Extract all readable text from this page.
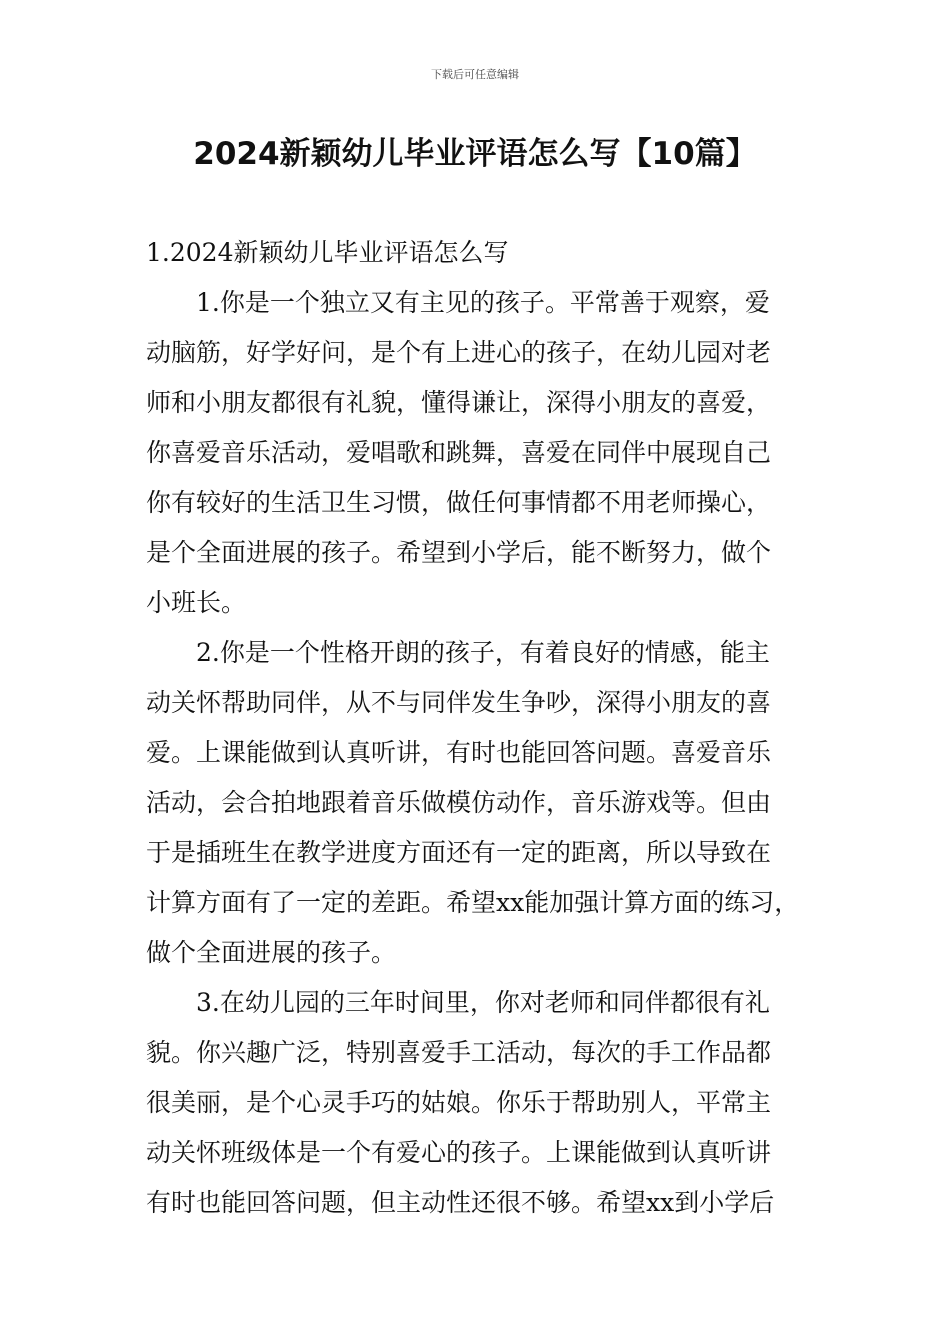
下载后可任意编辑
2024新颖幼儿毕业评语怎么写【10篇】

1.2024新颖幼儿毕业评语怎么写

1.你是一个独立又有主见的孩子。平常善于观察，爱
动脑筋，好学好问，是个有上进心的孩子，在幼儿园对老
师和小朋友都很有礼貌，懂得谦让，深得小朋友的喜爱，
你喜爱音乐活动，爱唱歌和跳舞，喜爱在同伴中展现自己
你有较好的生活卫生习惯，做任何事情都不用老师操心，
是个全面进展的孩子。希望到小学后，能不断努力，做个
小班长。
2.你是一个性格开朗的孩子，有着良好的情感，能主
动关怀帮助同伴，从不与同伴发生争吵，深得小朋友的喜
爱。上课能做到认真听讲，有时也能回答问题。喜爱音乐
活动，会合拍地跟着音乐做模仿动作，音乐游戏等。但由
于是插班生在教学进度方面还有一定的距离，所以导致在
计算方面有了一定的差距。希望xx能加强计算方面的练习，
做个全面进展的孩子。
3.在幼儿园的三年时间里，你对老师和同伴都很有礼
貌。你兴趣广泛，特别喜爱手工活动，每次的手工作品都
很美丽，是个心灵手巧的姑娘。你乐于帮助别人，平常主
动关怀班级体是一个有爱心的孩子。上课能做到认真听讲
有时也能回答问题，但主动性还很不够。希望xx到小学后
